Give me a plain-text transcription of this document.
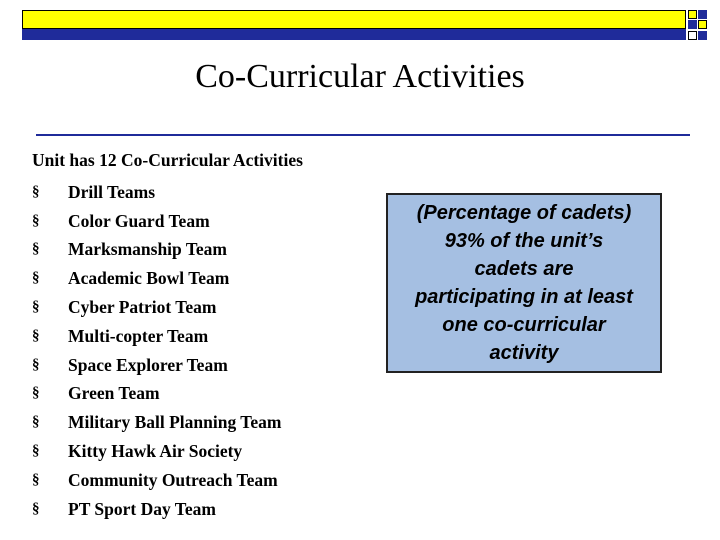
Co-Curricular Activities
Unit has 12 Co-Curricular Activities
§	Drill Teams
§	Color Guard Team
§	Marksmanship Team
§	Academic Bowl Team
§	Cyber Patriot Team
§	Multi-copter Team
§	Space Explorer Team
§	Green Team
§	Military Ball Planning Team
§	Kitty Hawk Air Society
§	Community Outreach Team
§	PT Sport Day Team
(Percentage of cadets)
93% of the unit’s
cadets are
participating in at least
one co-curricular
activity
